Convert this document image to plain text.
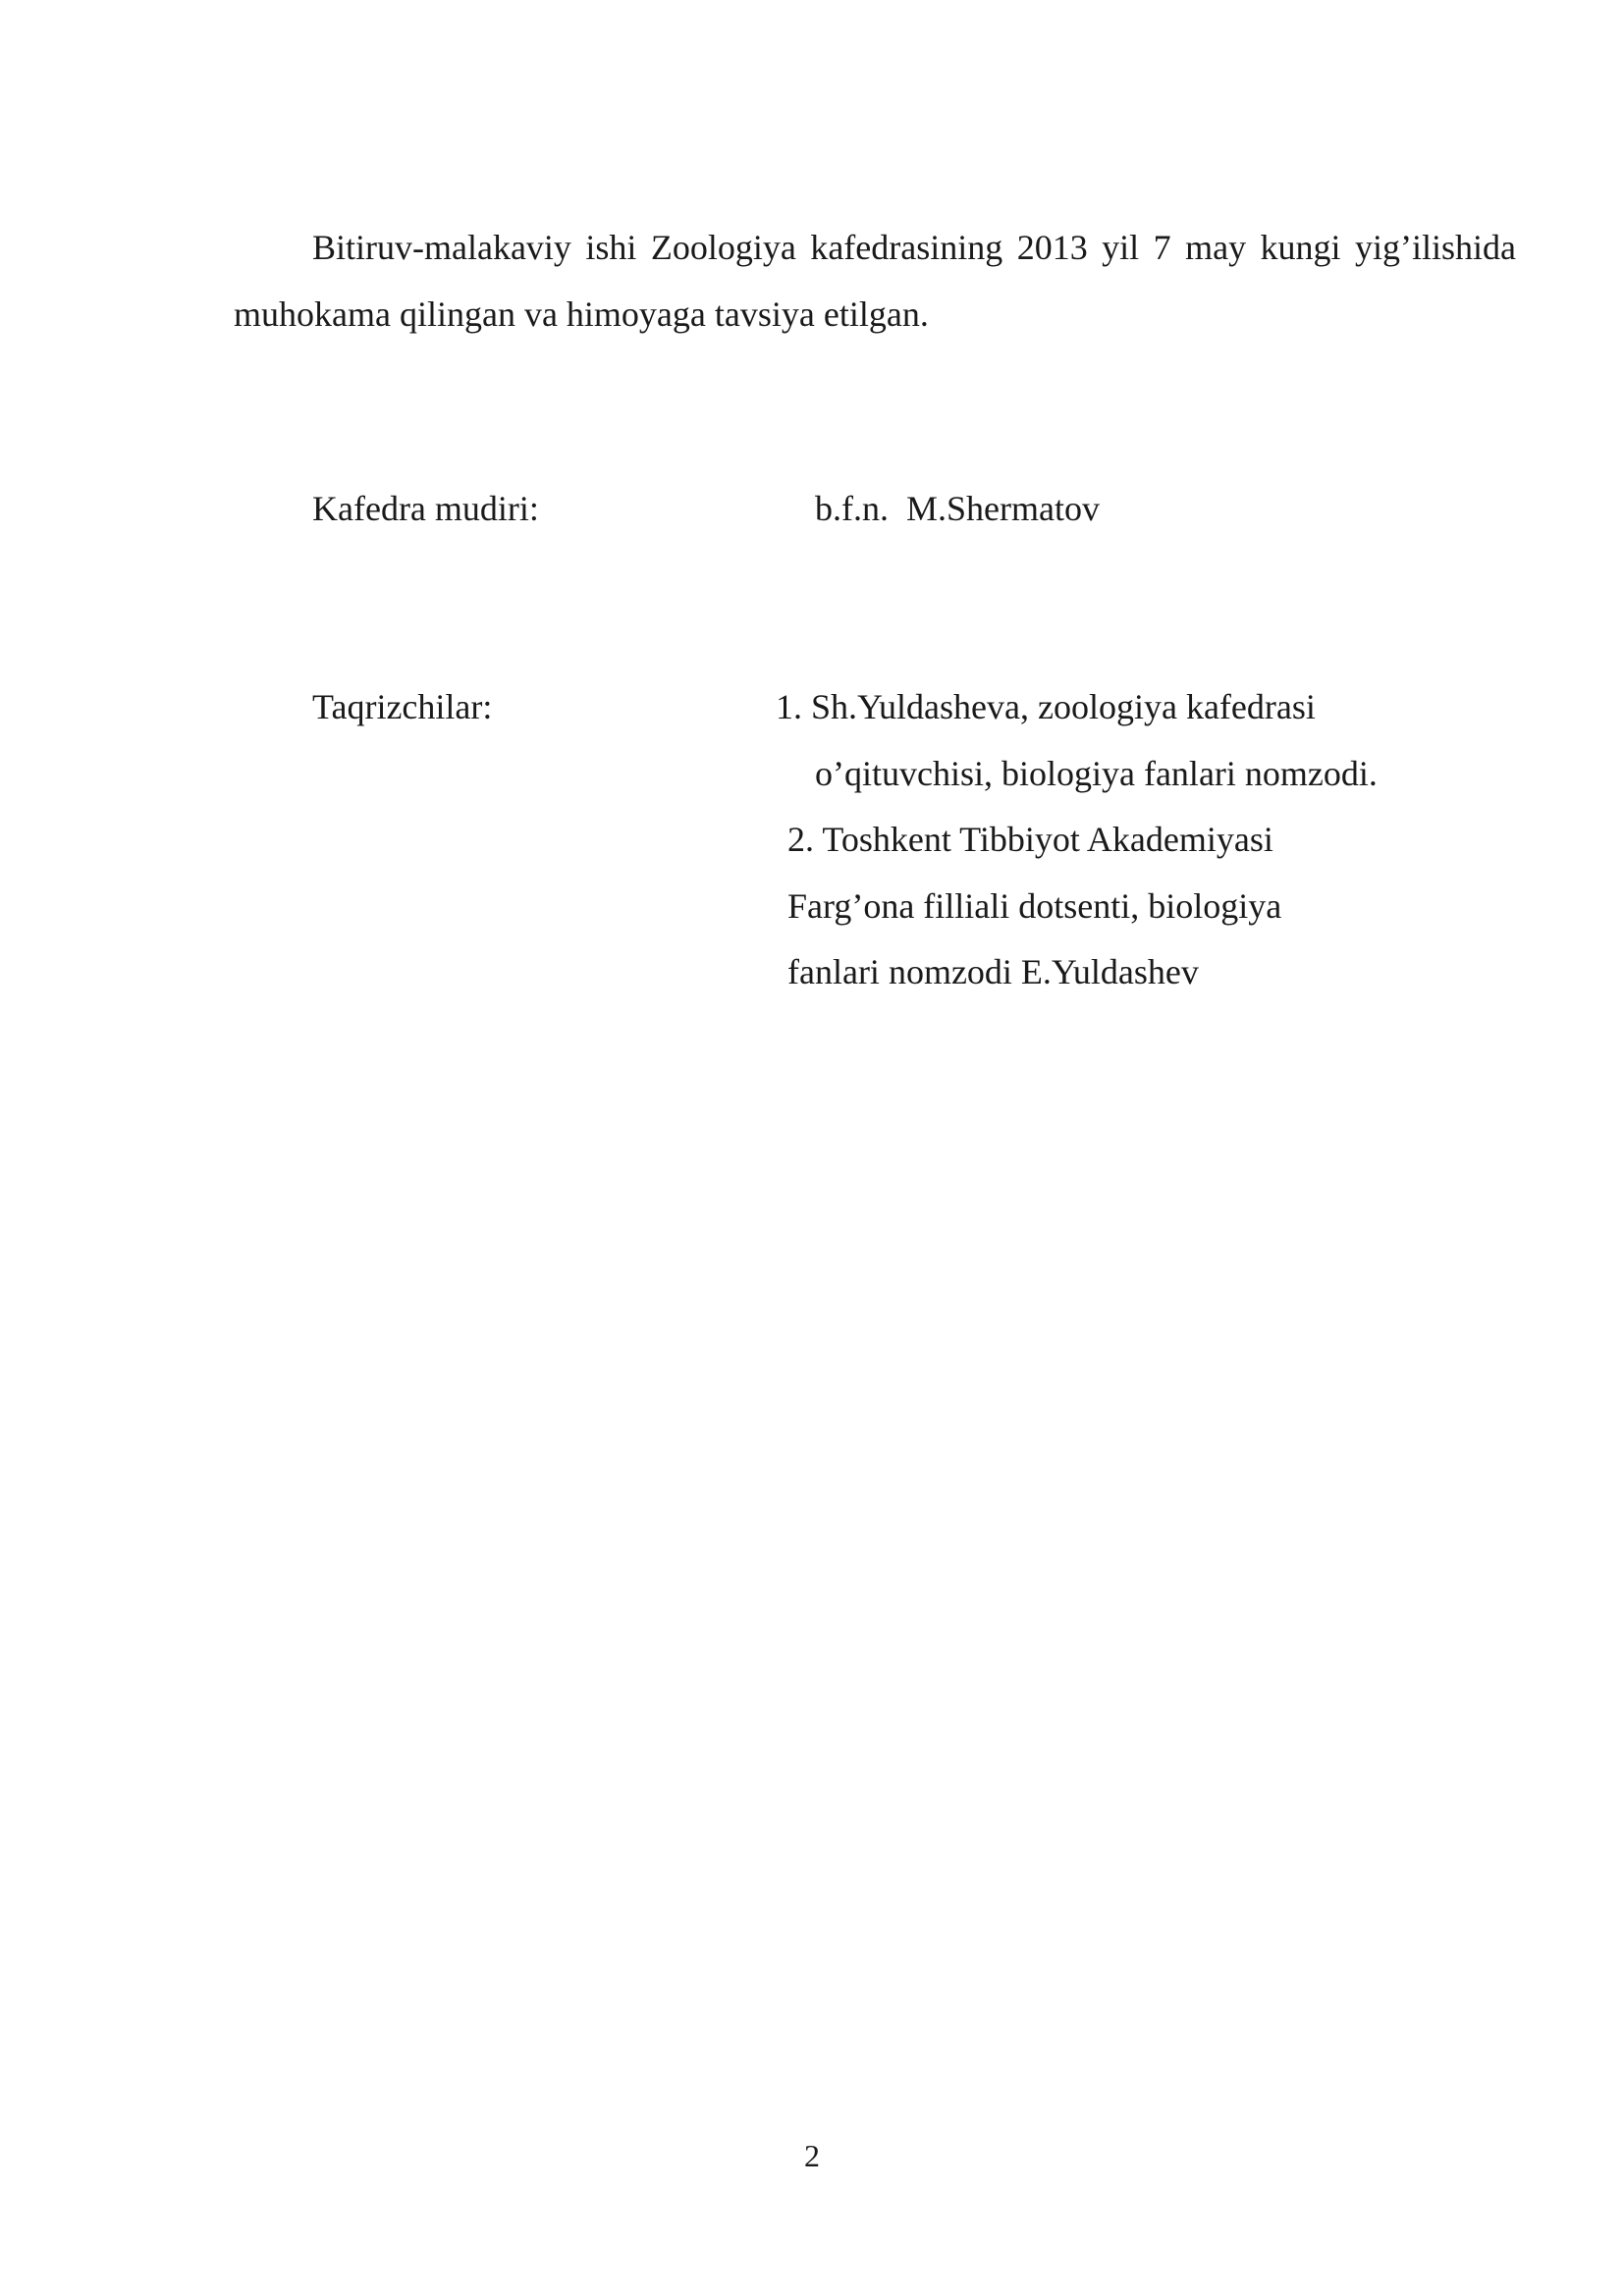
Bitiruv-malakaviy ishi Zoologiya kafedrasining 2013 yil 7 may kungi yig’ilishida muhokama qilingan va himoyaga tavsiya etilgan.

Kafedra mudiri:	b.f.n.  M.Shermatov
Taqrizchilar:	1. Sh.Yuldasheva, zoologiya kafedrasi
o’qituvchisi, biologiya fanlari nomzodi.
2. Toshkent Tibbiyot Akademiyasi
Farg’ona filliali dotsenti, biologiya
fanlari nomzodi E.Yuldashev
2
